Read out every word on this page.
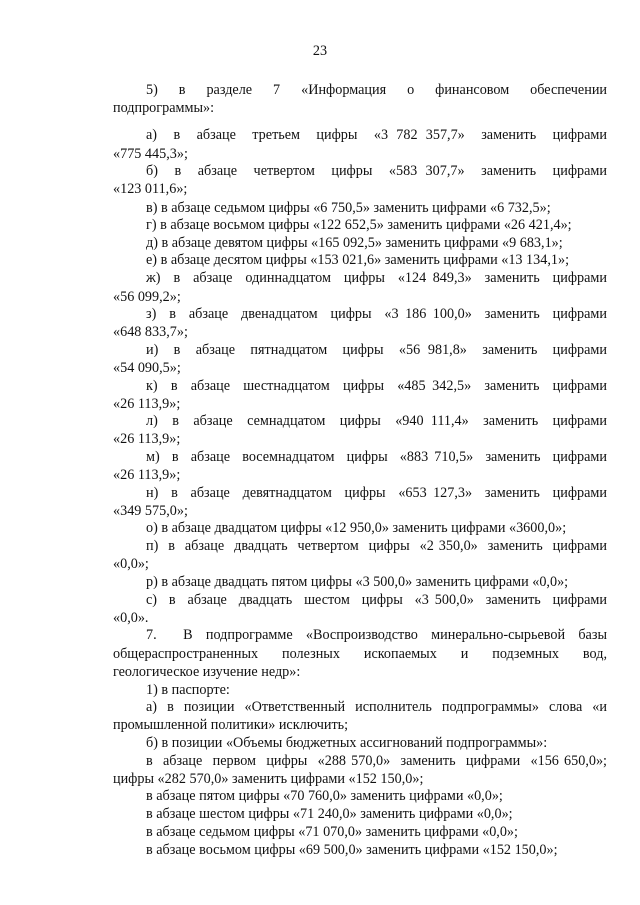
23
5)  в  разделе  7  «Информация  о  финансовом  обеспечении
подпрограммы»:
а)  в  абзаце  третьем  цифры  «3 782 357,7»  заменить  цифрами
«775 445,3»;
б)  в  абзаце  четвертом  цифры  «583 307,7»  заменить  цифрами
«123 011,6»;
в) в абзаце седьмом цифры «6 750,5» заменить цифрами «6 732,5»;
г) в абзаце восьмом цифры «122 652,5» заменить цифрами «26 421,4»;
д) в абзаце девятом цифры «165 092,5» заменить цифрами «9 683,1»;
е) в абзаце десятом цифры «153 021,6» заменить цифрами «13 134,1»;
ж)  в  абзаце  одиннадцатом  цифры  «124 849,3»  заменить  цифрами
«56 099,2»;
з)  в  абзаце  двенадцатом  цифры  «3 186 100,0»  заменить  цифрами
«648 833,7»;
и)  в  абзаце  пятнадцатом  цифры  «56 981,8»  заменить  цифрами
«54 090,5»;
к)  в  абзаце  шестнадцатом  цифры  «485 342,5»  заменить  цифрами
«26 113,9»;
л)  в  абзаце  семнадцатом  цифры  «940 111,4»  заменить  цифрами
«26 113,9»;
м)  в  абзаце  восемнадцатом  цифры  «883 710,5»  заменить  цифрами
«26 113,9»;
н)  в  абзаце  девятнадцатом  цифры  «653 127,3»  заменить  цифрами
«349 575,0»;
о) в абзаце двадцатом цифры «12 950,0» заменить цифрами «3600,0»;
п)  в  абзаце  двадцать  четвертом  цифры  «2 350,0»  заменить  цифрами
«0,0»;
р) в абзаце двадцать пятом цифры «3 500,0» заменить цифрами «0,0»;
с)  в  абзаце  двадцать  шестом  цифры  «3 500,0»  заменить  цифрами
«0,0».
7.    В  подпрограмме  «Воспроизводство  минерально-сырьевой  базы
общераспространенных    полезных    ископаемых    и    подземных    вод,
геологическое изучение недр»:
1) в паспорте:
а)  в  позиции  «Ответственный  исполнитель  подпрограммы»  слова  «и
промышленной политики» исключить;
б) в позиции «Объемы бюджетных ассигнований подпрограммы»:
в  абзаце  первом  цифры  «288 570,0»  заменить  цифрами  «156 650,0»;
цифры «282 570,0» заменить цифрами «152 150,0»;
в абзаце пятом цифры «70 760,0» заменить цифрами «0,0»;
в абзаце шестом цифры «71 240,0» заменить цифрами «0,0»;
в абзаце седьмом цифры «71 070,0» заменить цифрами «0,0»;
в абзаце восьмом цифры «69 500,0» заменить цифрами «152 150,0»;
